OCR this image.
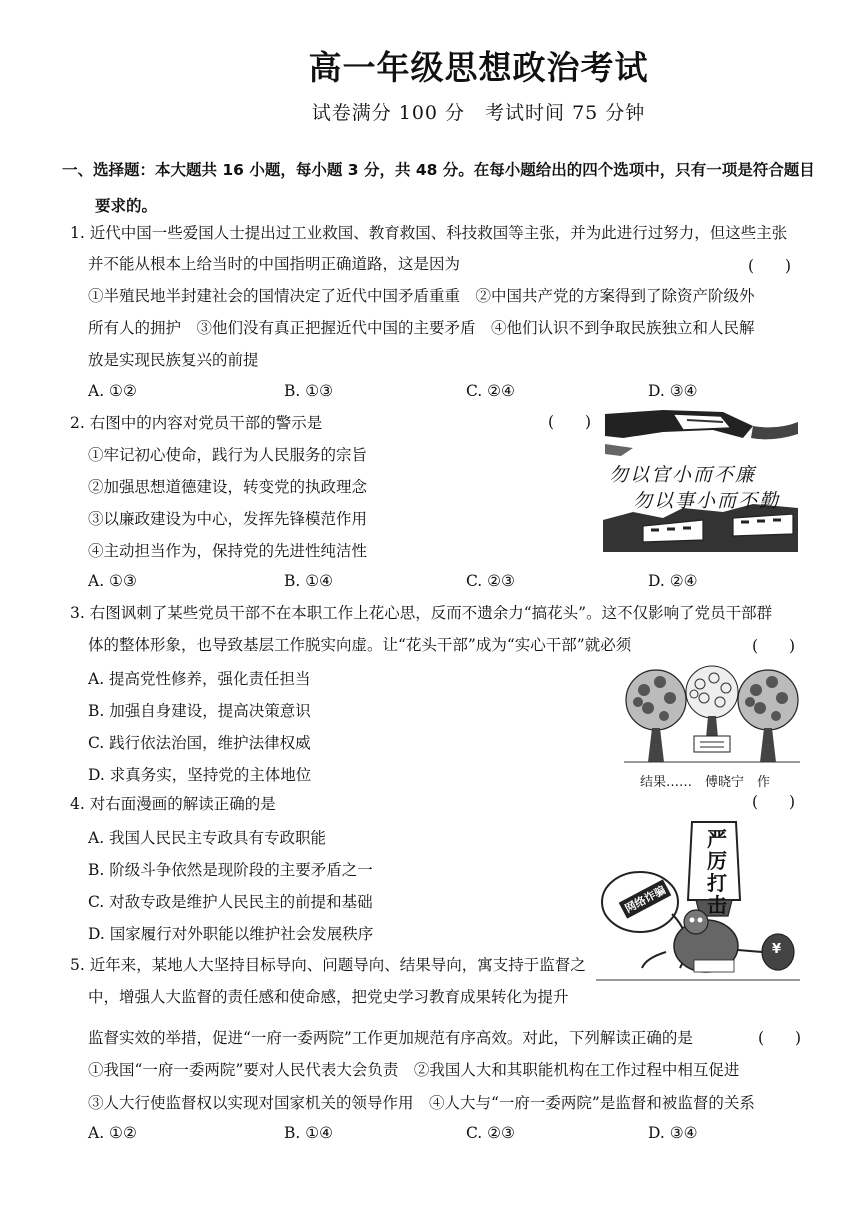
高一年级思想政治考试
试卷满分 100 分　考试时间 75 分钟
一、选择题：本大题共 16 小题，每小题 3 分，共 48 分。在每小题给出的四个选项中，只有一项是符合题目
要求的。
1. 近代中国一些爱国人士提出过工业救国、教育救国、科技救国等主张，并为此进行过努力，但这些主张
并不能从根本上给当时的中国指明正确道路，这是因为	(　　)
①半殖民地半封建社会的国情决定了近代中国矛盾重重　②中国共产党的方案得到了除资产阶级外
所有人的拥护　③他们没有真正把握近代中国的主要矛盾　④他们认识不到争取民族独立和人民解
放是实现民族复兴的前提
A. ①②	B. ①③	C. ②④	D. ③④
2. 右图中的内容对党员干部的警示是	(　　)
①牢记初心使命，践行为人民服务的宗旨
②加强思想道德建设，转变党的执政理念
③以廉政建设为中心，发挥先锋模范作用
④主动担当作为，保持党的先进性纯洁性
A. ①③	B. ①④	C. ②③	D. ②④
勿以官小而不廉
勿以事小而不勤
3. 右图讽刺了某些党员干部不在本职工作上花心思，反而不遗余力“搞花头”。这不仅影响了党员干部群
体的整体形象，也导致基层工作脱实向虚。让“花头干部”成为“实心干部”就必须	(　　)
A. 提高党性修养，强化责任担当
B. 加强自身建设，提高决策意识
C. 践行依法治国，维护法律权威
D. 求真务实，坚持党的主体地位	结果……　傅晓宁　作
4. 对右面漫画的解读正确的是	(　　)
A. 我国人民民主专政具有专政职能
B. 阶级斗争依然是现阶段的主要矛盾之一
C. 对敌专政是维护人民民主的前提和基础
D. 国家履行对外职能以维护社会发展秩序
严厉打击
网络诈骗
¥
5. 近年来，某地人大坚持目标导向、问题导向、结果导向，寓支持于监督之
中，增强人大监督的责任感和使命感，把党史学习教育成果转化为提升
监督实效的举措，促进“一府一委两院”工作更加规范有序高效。对此，下列解读正确的是	(　　)
①我国“一府一委两院”要对人民代表大会负责　②我国人大和其职能机构在工作过程中相互促进
③人大行使监督权以实现对国家机关的领导作用　④人大与“一府一委两院”是监督和被监督的关系
A. ①②	B. ①④	C. ②③	D. ③④
